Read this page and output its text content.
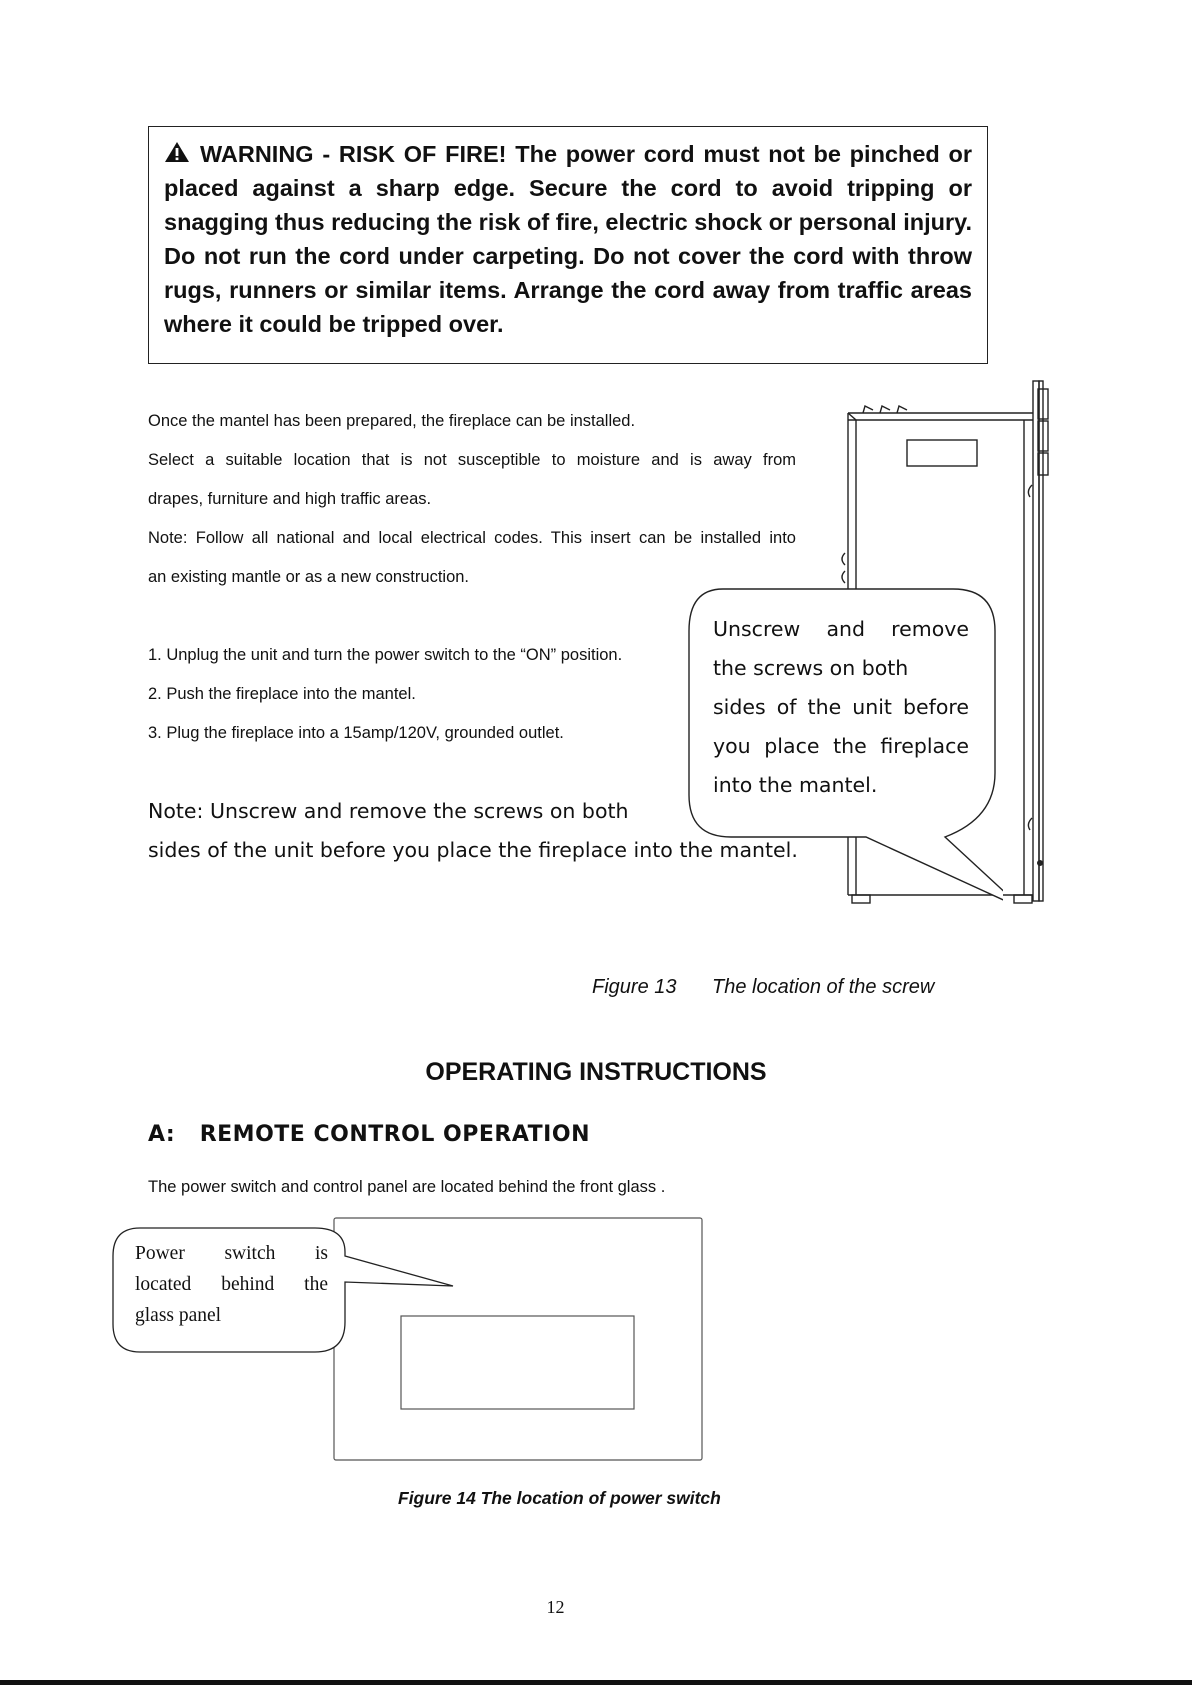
WARNING - RISK OF FIRE! The power cord must not be pinched or placed against a sharp edge. Secure the cord to avoid tripping or snagging thus reducing the risk of fire, electric shock or personal injury. Do not run the cord under carpeting. Do not cover the cord with throw rugs, runners or similar items. Arrange the cord away from traffic areas where it could be tripped over.

Once the mantel has been prepared, the fireplace can be installed.
Select a suitable location that is not susceptible to moisture and is away from
drapes, furniture and high traffic areas.
Note: Follow all national and local electrical codes. This insert can be installed into
an existing mantle or as a new construction.
1. Unplug the unit and turn the power switch to the “ON” position.
2. Push the fireplace into the mantel.
3. Plug the fireplace into a 15amp/120V, grounded outlet.
Note: Unscrew and remove the screws on both
sides of the unit before you place the fireplace into the mantel.
Unscrew and remove
the screws on both
sides of the unit before
you place the fireplace
into the mantel.
Figure 13 The location of the screw
OPERATING INSTRUCTIONS
A:   REMOTE CONTROL OPERATION
The power switch and control panel are located behind the front glass .
Power switch is
located behind the
glass panel
Figure 14 The location of power switch
12
